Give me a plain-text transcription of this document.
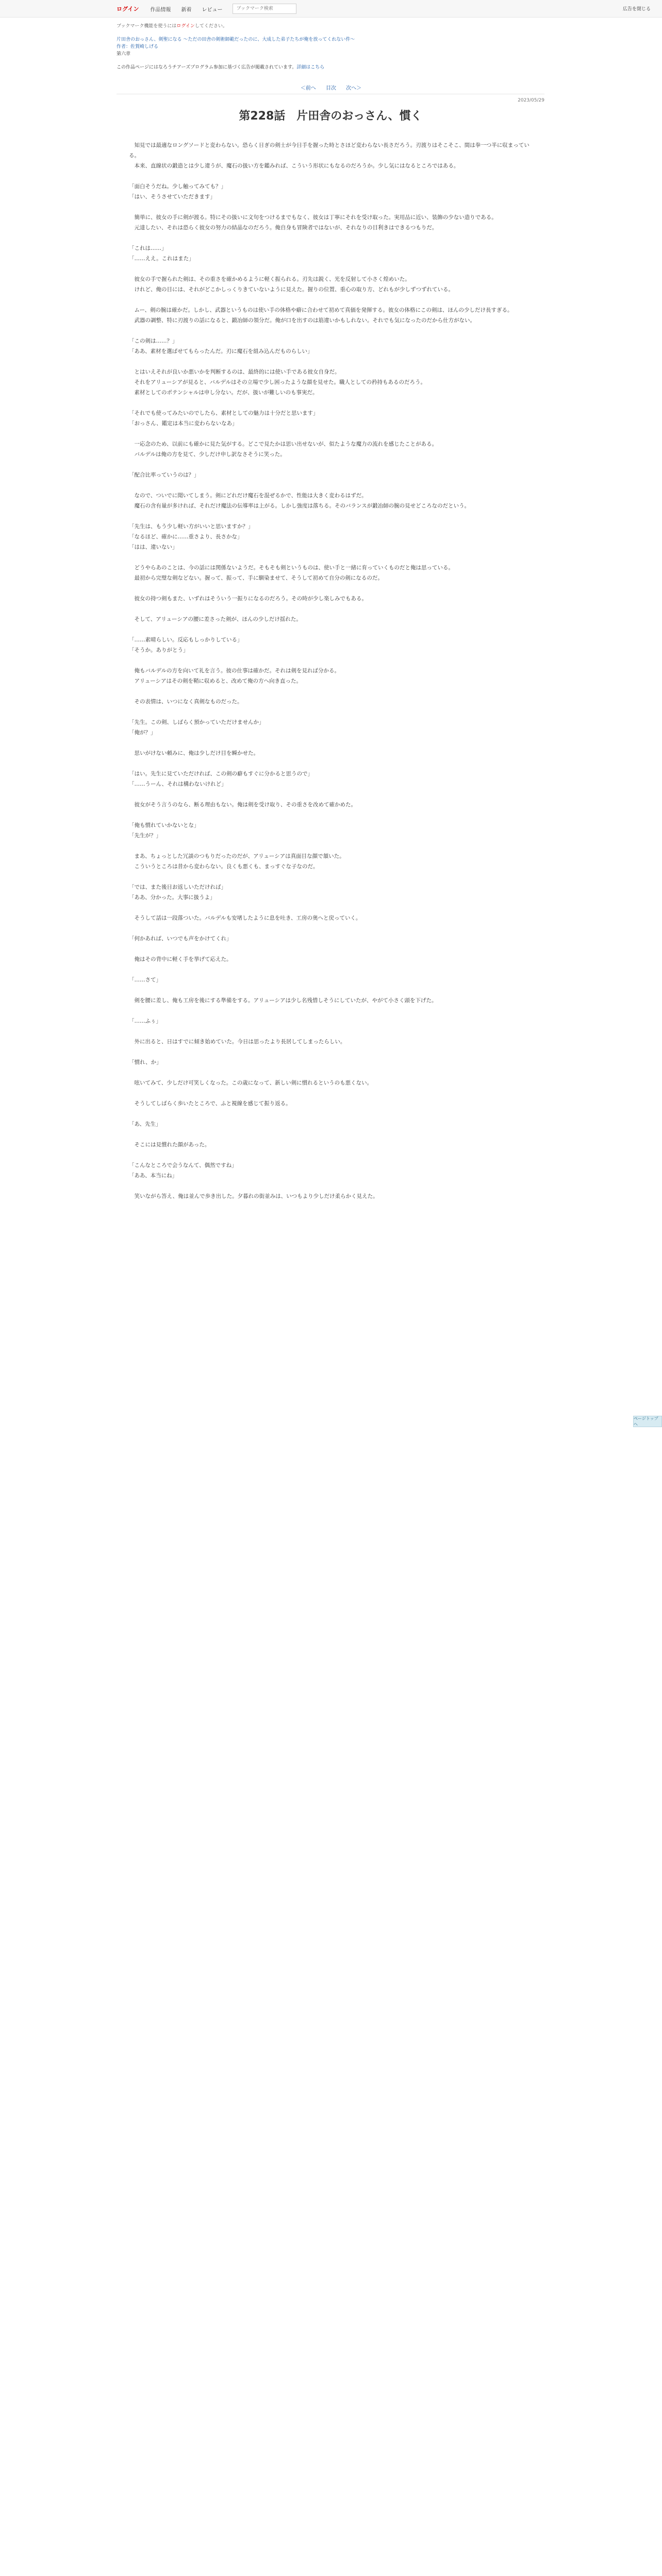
ログイン 作品情報 新着 レビュー
ブックマーク検索	広告を閉じる
ブックマーク機能を使うにはログインしてください。
片田舎のおっさん、剣聖になる 〜ただの田舎の剣術師範だったのに、大成した弟子たちが俺を放ってくれない件〜
作者：佐賀崎しげる
第六章
この作品ページにはなろうチアーズプログラム参加に基づく広告が掲載されています。詳細はこちら
＜前へ 目次 次へ＞
2023/05/29
第228話　片田舎のおっさん、慣く

　知見では最適なロングソードと変わらない。恐らく日ぎの剣士が今日手を握った時とさほど変わらない長さだろう。刃渡りはそこそこ、間は拳一つ半に収まっている。

　本来、直線状の鍛造とは少し違うが、魔石の扱い方を鑑みれば、こういう形状にもなるのだろうか。少し気にはなるところではある。

「面白そうだね。少し触ってみても？」

「はい、そうさせていただきます」

　簡単に、彼女の手に剣が渡る。特にその扱いに文句をつけるまでもなく、彼女は丁寧にそれを受け取った。実用品に近い、装飾の少ない造りである。

　元達したい、それは恐らく彼女の努力の結晶なのだろう。俺自身も冒険者ではないが、それなりの目利きはできるつもりだ。

「これは……」

「……ええ。これはまた」

　彼女の手で握られた剣は、その重さを確かめるように軽く振られる。刃先は鋭く、光を反射して小さく煌めいた。

　けれど、俺の目には、それがどこかしっくりきていないように見えた。握りの位置、重心の取り方、どれもが少しずつずれている。

　ムー、剣の腕は確かだ。しかし、武器というものは使い手の体格や癖に合わせて初めて真価を発揮する。彼女の体格にこの剣は、ほんの少しだけ長すぎる。

　武器の調整、特に刃渡りの話になると、鍛冶師の領分だ。俺が口を出すのは筋違いかもしれない。それでも気になったのだから仕方がない。

「この剣は……？」

「ああ、素材を選ばせてもらったんだ。刃に魔石を組み込んだものらしい」

　とはいえそれが良いか悪いかを判断するのは、最終的には使い手である彼女自身だ。

　それをアリューシアが見ると、バルデルはその立場で少し困ったような顔を見せた。職人としての矜持もあるのだろう。

　素材としてのポテンシャルは申し分ない。だが、扱いが難しいのも事実だ。

「それでも使ってみたいのでしたら、素材としての魅力は十分だと思います」

「おっさん、鑑定は本当に変わらないなあ」

　一応念のため、以前にも確かに見た気がする。どこで見たかは思い出せないが、似たような魔力の流れを感じたことがある。

　バルデルは俺の方を見て、少しだけ申し訳なさそうに笑った。

「配合比率っていうのは？」

　なので、ついでに聞いてしまう。剣にどれだけ魔石を混ぜるかで、性能は大きく変わるはずだ。

　魔石の含有量が多ければ、それだけ魔法の伝導率は上がる。しかし強度は落ちる。そのバランスが鍛冶師の腕の見せどころなのだという。

「先生は、もう少し軽い方がいいと思いますか？」

「なるほど、確かに……重さより、長さかな」

「はは、違いない」

　どうやらあのことは、今の話には関係ないようだ。そもそも剣というものは、使い手と一緒に育っていくものだと俺は思っている。

　最初から完璧な剣などない。握って、振って、手に馴染ませて、そうして初めて自分の剣になるのだ。

　彼女の持つ剣もまた、いずれはそういう一振りになるのだろう。その時が少し楽しみでもある。

　そして、アリューシアの腰に差さった剣が、ほんの少しだけ揺れた。

「……素晴らしい。反応もしっかりしている」

「そうか。ありがとう」

　俺もバルデルの方を向いて礼を言う。彼の仕事は確かだ。それは剣を見れば分かる。

　アリューシアはその剣を鞘に収めると、改めて俺の方へ向き直った。

　その表情は、いつになく真剣なものだった。

「先生。この剣、しばらく預かっていただけませんか」

「俺が？」

　思いがけない頼みに、俺は少しだけ目を瞬かせた。

「はい。先生に見ていただければ、この剣の癖もすぐに分かると思うので」

「……うーん、それは構わないけれど」

　彼女がそう言うのなら、断る理由もない。俺は剣を受け取り、その重さを改めて確かめた。

「俺も慣れていかないとな」

「先生が？」

　まあ、ちょっとした冗談のつもりだったのだが、アリューシアは真面目な顔で頷いた。

　こういうところは昔から変わらない。良くも悪くも、まっすぐな子なのだ。

「では、また後日お返しいただければ」

「ああ、分かった。大事に扱うよ」

　そうして話は一段落ついた。バルデルも安堵したように息を吐き、工房の奥へと戻っていく。

「何かあれば、いつでも声をかけてくれ」

　俺はその背中に軽く手を挙げて応えた。

「……さて」

　剣を腰に差し、俺も工房を後にする準備をする。アリューシアは少し名残惜しそうにしていたが、やがて小さく頭を下げた。

「……ふぅ」

　外に出ると、日はすでに傾き始めていた。今日は思ったより長居してしまったらしい。

「慣れ、か」

　呟いてみて、少しだけ可笑しくなった。この歳になって、新しい剣に慣れるというのも悪くない。

　そうしてしばらく歩いたところで、ふと視線を感じて振り返る。

「あ、先生」

　そこには見慣れた顔があった。

「こんなところで会うなんて、偶然ですね」

「ああ、本当にね」

　笑いながら答え、俺は並んで歩き出した。夕暮れの街並みは、いつもより少しだけ柔らかく見えた。

ページトップへ
